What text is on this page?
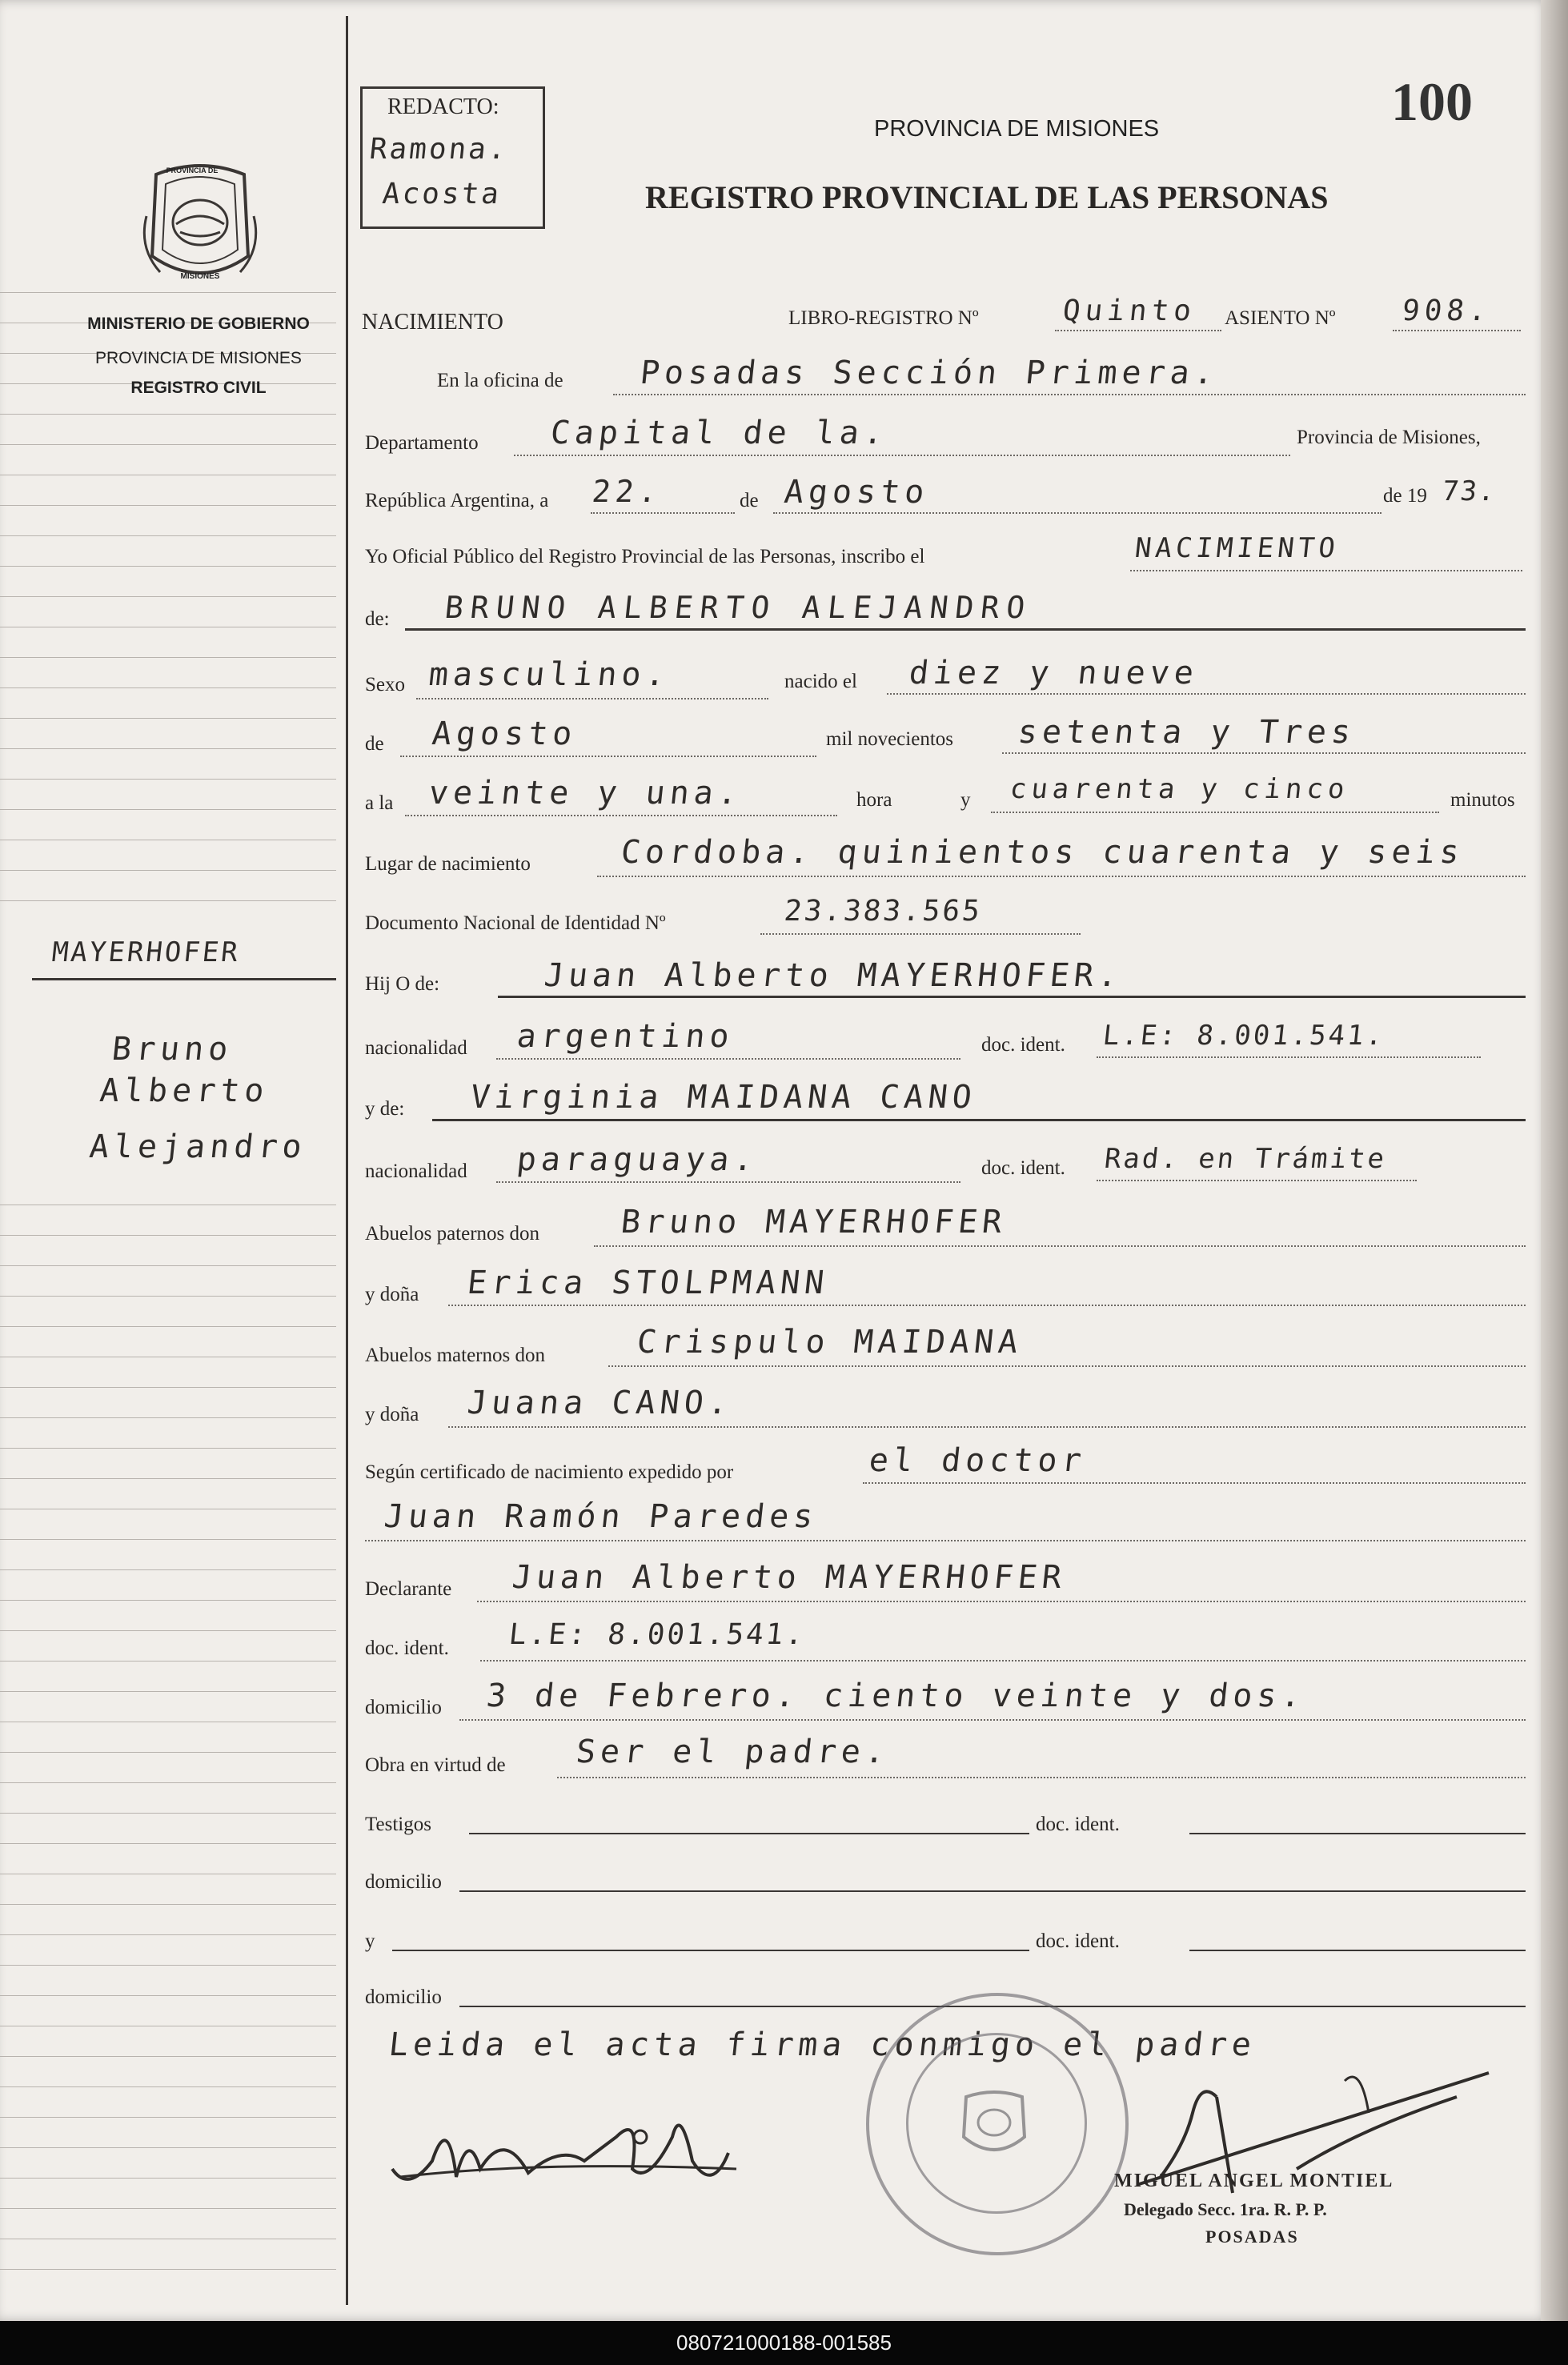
PROVINCIA DE
MISIONES
MINISTERIO DE GOBIERNO
PROVINCIA DE MISIONES
REGISTRO CIVIL
MAYERHOFER
Bruno
Alberto
Alejandro
REDACTO:
Ramona.
Acosta
100
PROVINCIA DE MISIONES
REGISTRO PROVINCIAL DE LAS PERSONAS
NACIMIENTO	LIBRO-REGISTRO Nº	Quinto ASIENTO Nº 908.
En la oficina de Posadas Sección Primera.
Departamento Capital de la.	Provincia de Misiones,
República Argentina, a 22.	de Agosto	de 19 73.
Yo Oficial Público del Registro Provincial de las Personas, inscribo el	NACIMIENTO
de: BRUNO ALBERTO ALEJANDRO
Sexo masculino.	nacido el diez y nueve
de Agosto	mil novecientos setenta y Tres
a la veinte y una.	hora	y cuarenta y cinco	minutos
Lugar de nacimiento	Cordoba. quinientos cuarenta y seis
Documento Nacional de Identidad Nº	23.383.565
Hij O de:	Juan Alberto MAYERHOFER.
nacionalidad argentino	doc. ident. L.E: 8.001.541.
y de: Virginia MAIDANA CANO
nacionalidad paraguaya.	doc. ident. Rad. en Trámite
Abuelos paternos don Bruno MAYERHOFER
y doña Erica STOLPMANN
Abuelos maternos don	Crispulo MAIDANA
y doña Juana CANO.
Según certificado de nacimiento expedido por	el doctor
Juan Ramón Paredes
Declarante Juan Alberto MAYERHOFER
doc. ident. L.E: 8.001.541.
domicilio 3 de Febrero. ciento veinte y dos.
Obra en virtud de Ser el padre.
Testigos	doc. ident.
domicilio
y	doc. ident.
domicilio
Leida el acta firma conmigo el padre
MIGUEL ANGEL MONTIEL
Delegado Secc. 1ra. R. P. P.
POSADAS
080721000188-001585
